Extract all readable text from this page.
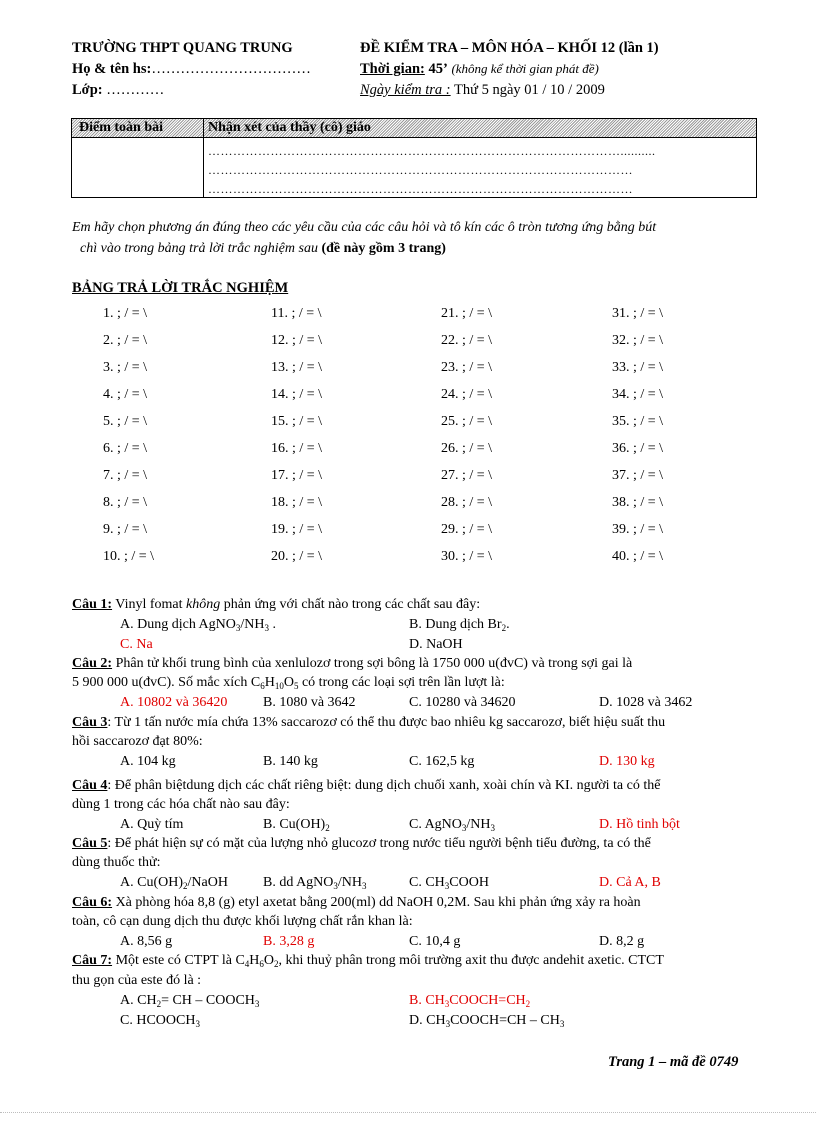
TRƯỜNG THPT QUANG TRUNG	ĐỀ KIỂM TRA – MÔN HÓA – KHỐI 12 (lần 1)
Họ & tên hs:……………………………	Thời gian: 45’ (không kể thời gian phát đề)
Lớp: …………	Ngày kiểm tra : Thứ 5 ngày 01 / 10 / 2009
Điểm toàn bài	Nhận xét của thầy (cô) giáo
………………………………………………………………………………………..........
…………………………………………………………………………………………
…………………………………………………………………………………………
Em hãy chọn phương án đúng theo các yêu cầu của các câu hỏi và tô kín các ô tròn tương ứng bằng bút
chì vào trong bảng trả lời trắc nghiệm sau (đề này gồm 3 trang)
BẢNG TRẢ LỜI TRẮC NGHIỆM
1. ; / = \
2. ; / = \
3. ; / = \
4. ; / = \
5. ; / = \
6. ; / = \
7. ; / = \
8. ; / = \
9. ; / = \
10. ; / = \
11. ; / = \
12. ; / = \
13. ; / = \
14. ; / = \
15. ; / = \
16. ; / = \
17. ; / = \
18. ; / = \
19. ; / = \
20. ; / = \
21. ; / = \
22. ; / = \
23. ; / = \
24. ; / = \
25. ; / = \
26. ; / = \
27. ; / = \
28. ; / = \
29. ; / = \
30. ; / = \
31. ; / = \
32. ; / = \
33. ; / = \
34. ; / = \
35. ; / = \
36. ; / = \
37. ; / = \
38. ; / = \
39. ; / = \
40. ; / = \
Câu 1: Vinyl fomat không phản ứng với chất nào trong các chất sau đây:
A. Dung dịch $AgNO_3/NH_3$ .	B. Dung dịch $Br_2$.
C. Na	D. NaOH
Câu 2: Phân tử khối trung bình của xenlulozơ trong sợi bông là 1750 000 u(đvC) và trong sợi gai là
5 900 000 u(đvC). Số mắc xích $C_6H_{10}O_5$ có trong các loại sợi trên lần lượt là:
A. 10802 và 36420	B. 1080 và 3642	C. 10280 và 34620	D. 1028 và 3462
Câu 3: Từ 1 tấn nước mía chứa 13% saccarozơ có thể thu được bao nhiêu kg saccarozơ, biết hiệu suất thu
hồi saccarozơ đạt 80%:
A. 104 kg	B. 140 kg	C. 162,5 kg	D. 130 kg
Câu 4: Để phân biệtdung dịch các chất riêng biệt: dung dịch chuối xanh, xoài chín và KI. người ta có thể
dùng 1 trong các hóa chất nào sau đây:
A. Quỳ tím	B. $Cu(OH)_2$	C. $AgNO_3/NH_3$	D. Hồ tinh bột
Câu 5: Để phát hiện sự có mặt của lượng nhỏ glucozơ trong nước tiểu người bệnh tiểu đường, ta có thể
dùng thuốc thử:
A. $Cu(OH)_2$/NaOH	B. dd $AgNO_3/NH_3$	C. $CH_3COOH$	D. Cả A, B
Câu 6: Xà phòng hóa 8,8 (g) etyl axetat bằng 200(ml) dd NaOH 0,2M. Sau khi phản ứng xảy ra hoàn
toàn, cô cạn dung dịch thu được khối lượng chất rắn khan là:
A. 8,56 g	B. 3,28 g	C. 10,4 g	D. 8,2 g
Câu 7: Một este có CTPT là $C_4H_6O_2$, khi thuỷ phân trong môi trường axit thu được andehit axetic. CTCT
thu gọn của este đó là :
A. $CH_2=$ CH – $COOCH_3$	B. $CH_3COOCH=CH_2$
C. $HCOOCH_3$	D. $CH_3COOCH=CH - CH_3$
Trang 1 – mã đề 0749
